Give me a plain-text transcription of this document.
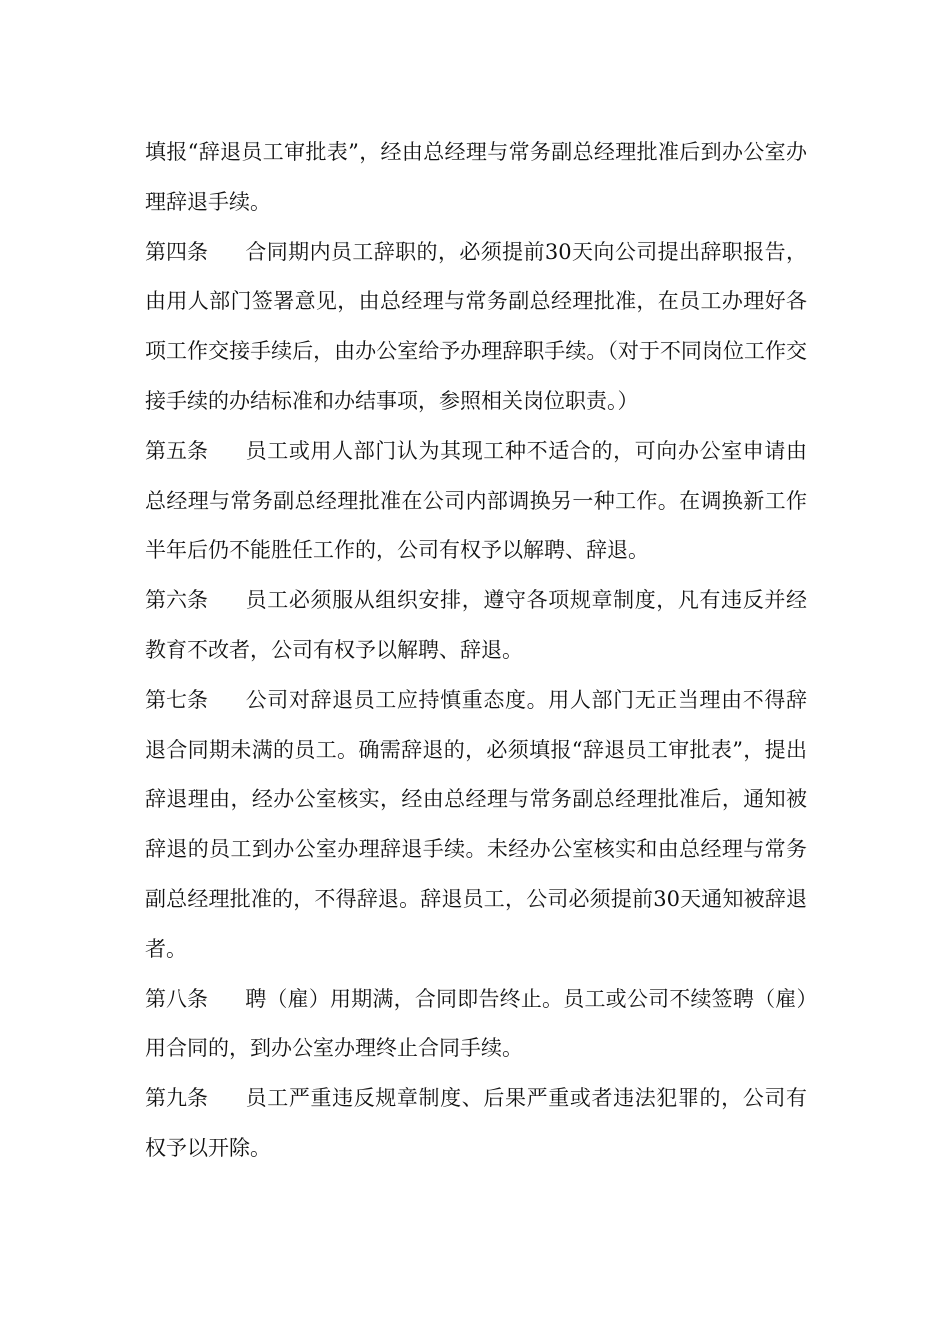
填报“辞退员工审批表”，经由总经理与常务副总经理批准后到办公室办理辞退手续。

第四条 合同期内员工辞职的，必须提前30天向公司提出辞职报告，由用人部门签署意见，由总经理与常务副总经理批准，在员工办理好各项工作交接手续后，由办公室给予办理辞职手续。（对于不同岗位工作交接手续的办结标准和办结事项，参照相关岗位职责。）

第五条 员工或用人部门认为其现工种不适合的，可向办公室申请由总经理与常务副总经理批准在公司内部调换另一种工作。在调换新工作半年后仍不能胜任工作的，公司有权予以解聘、辞退。

第六条 员工必须服从组织安排，遵守各项规章制度，凡有违反并经教育不改者，公司有权予以解聘、辞退。

第七条 公司对辞退员工应持慎重态度。用人部门无正当理由不得辞退合同期未满的员工。确需辞退的，必须填报“辞退员工审批表”，提出辞退理由，经办公室核实，经由总经理与常务副总经理批准后，通知被辞退的员工到办公室办理辞退手续。未经办公室核实和由总经理与常务副总经理批准的，不得辞退。辞退员工，公司必须提前30天通知被辞退者。

第八条 聘（雇）用期满，合同即告终止。员工或公司不续签聘（雇）用合同的，到办公室办理终止合同手续。

第九条 员工严重违反规章制度、后果严重或者违法犯罪的，公司有权予以开除。
